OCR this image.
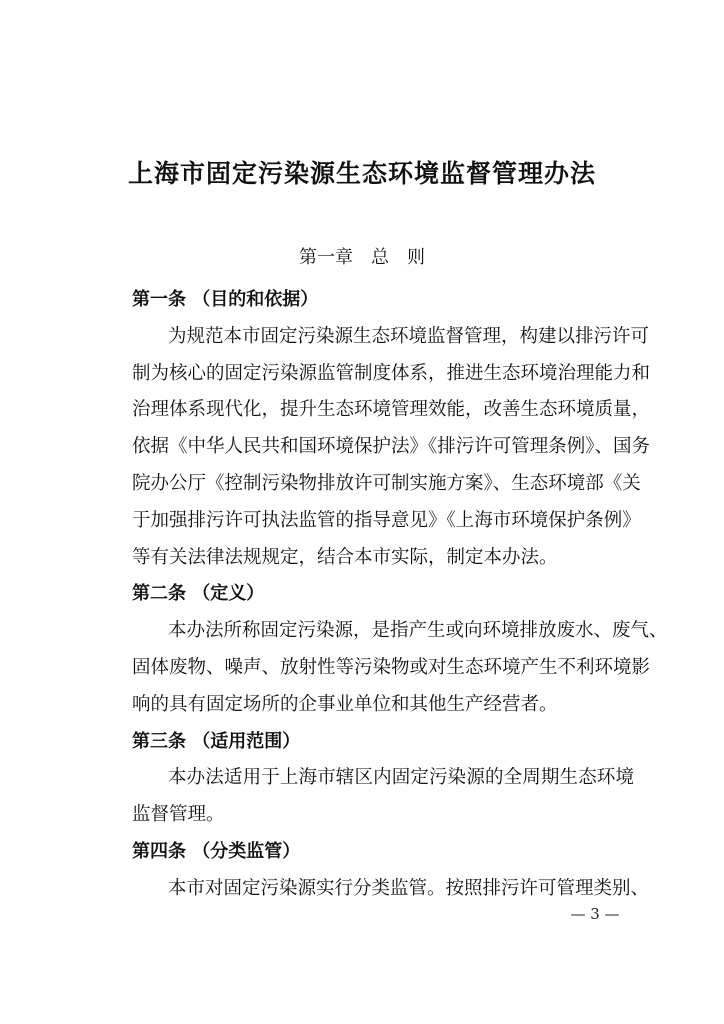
上海市固定污染源生态环境监督管理办法
第一章　总　则
第一条 （目的和依据）
为规范本市固定污染源生态环境监督管理，构建以排污许可
制为核心的固定污染源监管制度体系，推进生态环境治理能力和
治理体系现代化，提升生态环境管理效能，改善生态环境质量，
依据《中华人民共和国环境保护法》《排污许可管理条例》、国务
院办公厅《控制污染物排放许可制实施方案》、生态环境部《关
于加强排污许可执法监管的指导意见》《上海市环境保护条例》
等有关法律法规规定，结合本市实际，制定本办法。
第二条 （定义）
本办法所称固定污染源，是指产生或向环境排放废水、废气、
固体废物、噪声、放射性等污染物或对生态环境产生不利环境影
响的具有固定场所的企事业单位和其他生产经营者。
第三条 （适用范围）
本办法适用于上海市辖区内固定污染源的全周期生态环境
监督管理。
第四条 （分类监管）
本市对固定污染源实行分类监管。按照排污许可管理类别、
— 3 —
